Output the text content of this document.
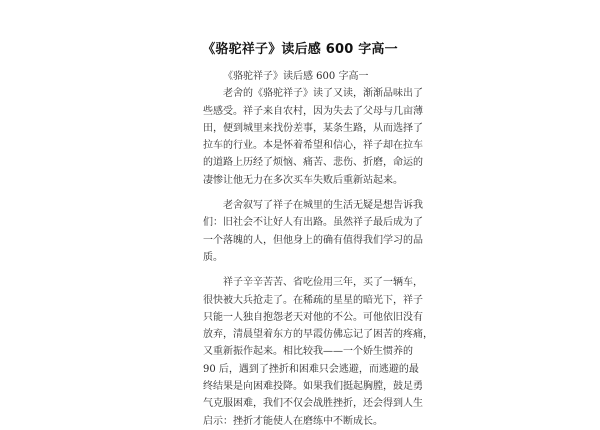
《骆驼祥子》读后感 600 字高一
《骆驼祥子》读后感 600 字高一
老舍的《骆驼祥子》读了又读，渐渐品味出了
些感受。祥子来自农村，因为失去了父母与几亩薄
田，便到城里来找份差事，某条生路，从而选择了
拉车的行业。本是怀着希望和信心，祥子却在拉车
的道路上历经了烦恼、痛苦、悲伤、折磨，命运的
凄惨让他无力在多次买车失败后重新站起来。
老舍叙写了祥子在城里的生活无疑是想告诉我
们：旧社会不让好人有出路。虽然祥子最后成为了
一个落魄的人，但他身上的确有值得我们学习的品
质。
祥子辛辛苦苦、省吃俭用三年，买了一辆车，
很快被大兵抢走了。在稀疏的星星的暗光下，祥子
只能一人独自抱怨老天对他的不公。可他依旧没有
放弃，清晨望着东方的早霞仿佛忘记了困苦的疼痛，
又重新振作起来。相比较我——一个娇生惯养的
90 后，遇到了挫折和困难只会逃避，而逃避的最
终结果是向困难投降。如果我们挺起胸膛，鼓足勇
气克服困难，我们不仅会战胜挫折，还会得到人生
启示：挫折才能使人在磨练中不断成长。
